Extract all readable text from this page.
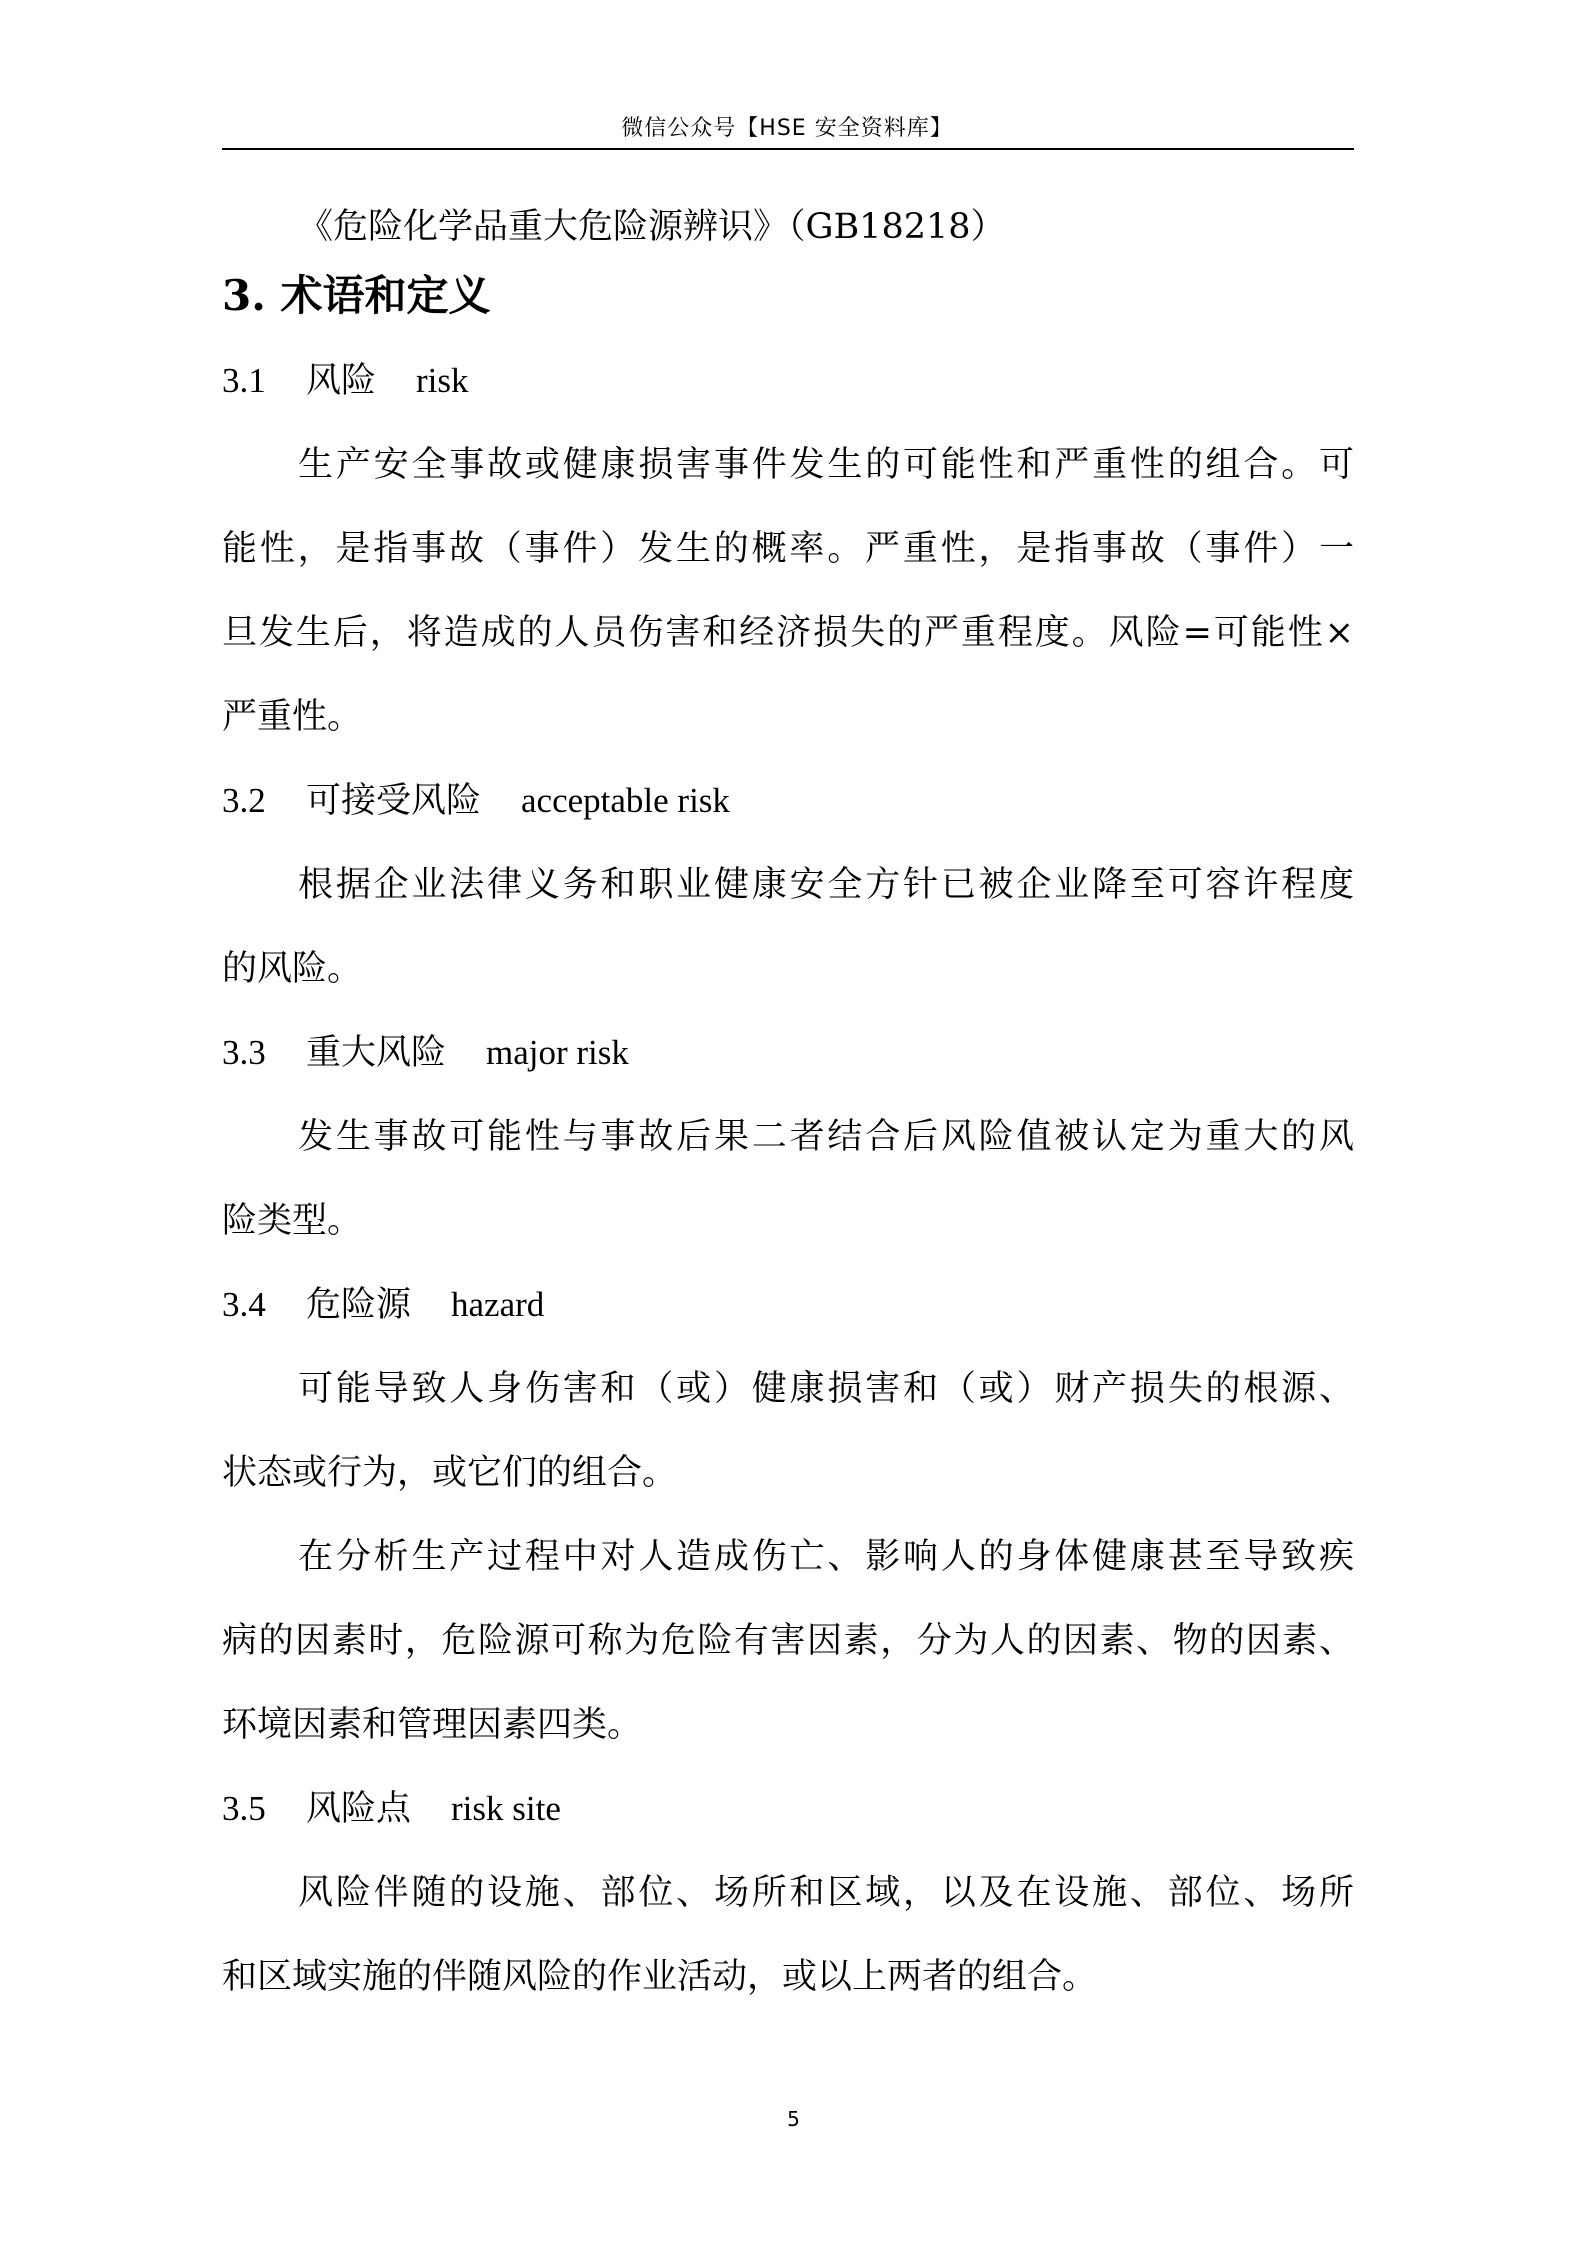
微信公众号【HSE 安全资料库】
《危险化学品重大危险源辨识》（GB18218）
3. 术语和定义
3.1 风险 risk
生产安全事故或健康损害事件发生的可能性和严重性的组合。可
能性，是指事故（事件）发生的概率。严重性，是指事故（事件）一
旦发生后，将造成的人员伤害和经济损失的严重程度。风险=可能性×
严重性。
3.2 可接受风险 acceptable risk
根据企业法律义务和职业健康安全方针已被企业降至可容许程度
的风险。
3.3 重大风险 major risk
发生事故可能性与事故后果二者结合后风险值被认定为重大的风
险类型。
3.4 危险源 hazard
可能导致人身伤害和（或）健康损害和（或）财产损失的根源、
状态或行为，或它们的组合。
在分析生产过程中对人造成伤亡、影响人的身体健康甚至导致疾
病的因素时，危险源可称为危险有害因素，分为人的因素、物的因素、
环境因素和管理因素四类。
3.5 风险点 risk site
风险伴随的设施、部位、场所和区域，以及在设施、部位、场所
和区域实施的伴随风险的作业活动，或以上两者的组合。
5
